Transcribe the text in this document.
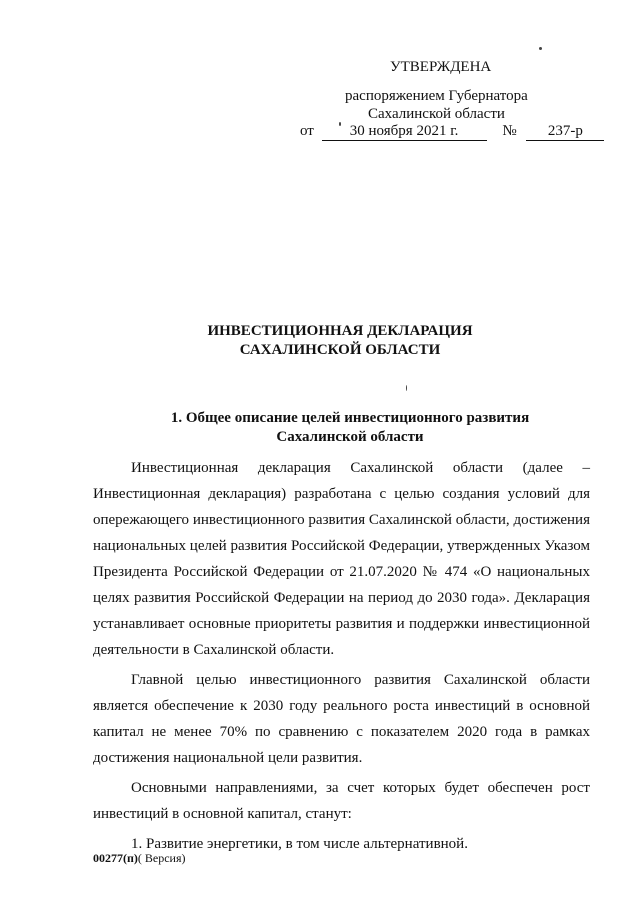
УТВЕРЖДЕНА
распоряжением Губернатора
Сахалинской области
от 30 ноября 2021 г.	№ 237-р
ИНВЕСТИЦИОННАЯ ДЕКЛАРАЦИЯ
САХАЛИНСКОЙ ОБЛАСТИ
1. Общее описание целей инвестиционного развития
Сахалинской области

Инвестиционная декларация Сахалинской области (далее – Инвестиционная декларация) разработана с целью создания условий для опережающего инвестиционного развития Сахалинской области, достижения национальных целей развития Российской Федерации, утвержденных Указом Президента Российской Федерации от 21.07.2020 № 474 «О национальных целях развития Российской Федерации на период до 2030 года». Декларация устанавливает основные приоритеты развития и поддержки инвестиционной деятельности в Сахалинской области.

Главной целью инвестиционного развития Сахалинской области является обеспечение к 2030 году реального роста инвестиций в основной капитал не менее 70% по сравнению с показателем 2020 года в рамках достижения национальной цели развития.

Основными направлениями, за счет которых будет обеспечен рост инвестиций в основной капитал, станут:

1. Развитие энергетики, в том числе альтернативной.

00277(п)( Версия)
